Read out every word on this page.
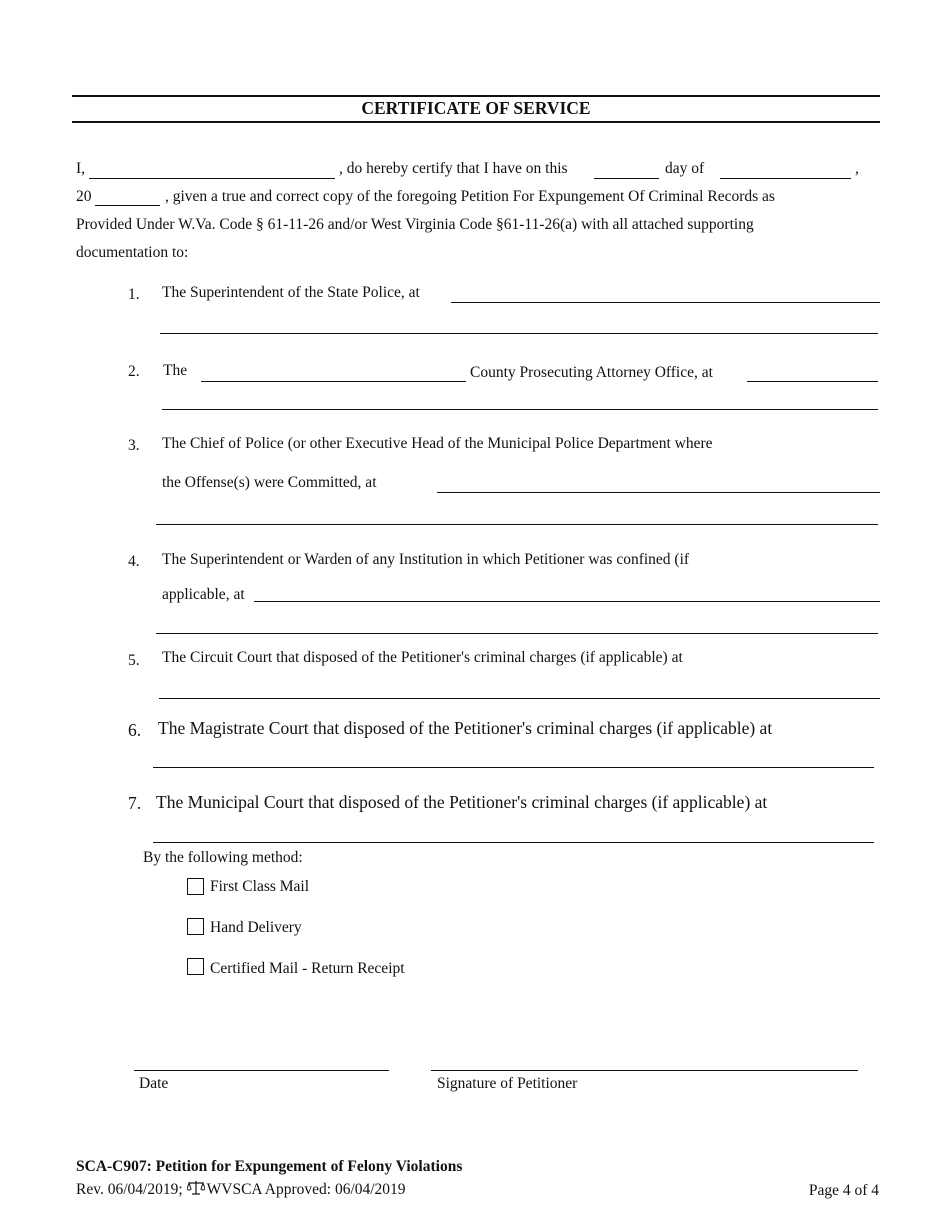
CERTIFICATE OF SERVICE
I,	, do hereby certify that I have on this	day of	,
20	, given a true and correct copy of the foregoing Petition For Expungement Of Criminal Records as
Provided Under W.Va. Code § 61-11-26 and/or West Virginia Code §61-11-26(a) with all attached supporting
documentation to:
1. The Superintendent of the State Police, at
2. The	County Prosecuting Attorney Office, at
3. The Chief of Police (or other Executive Head of the Municipal Police Department where
the Offense(s) were Committed, at
4. The Superintendent or Warden of any Institution in which Petitioner was confined (if
applicable, at
5. The Circuit Court that disposed of the Petitioner's criminal charges (if applicable) at
6. The Magistrate Court that disposed of the Petitioner's criminal charges (if applicable) at
7. The Municipal Court that disposed of the Petitioner's criminal charges (if applicable) at
By the following method:
First Class Mail
Hand Delivery
Certified Mail - Return Receipt
Date	Signature of Petitioner
SCA-C907: Petition for Expungement of Felony Violations
Rev. 06/04/2019; WVSCA Approved: 06/04/2019	Page 4 of 4
